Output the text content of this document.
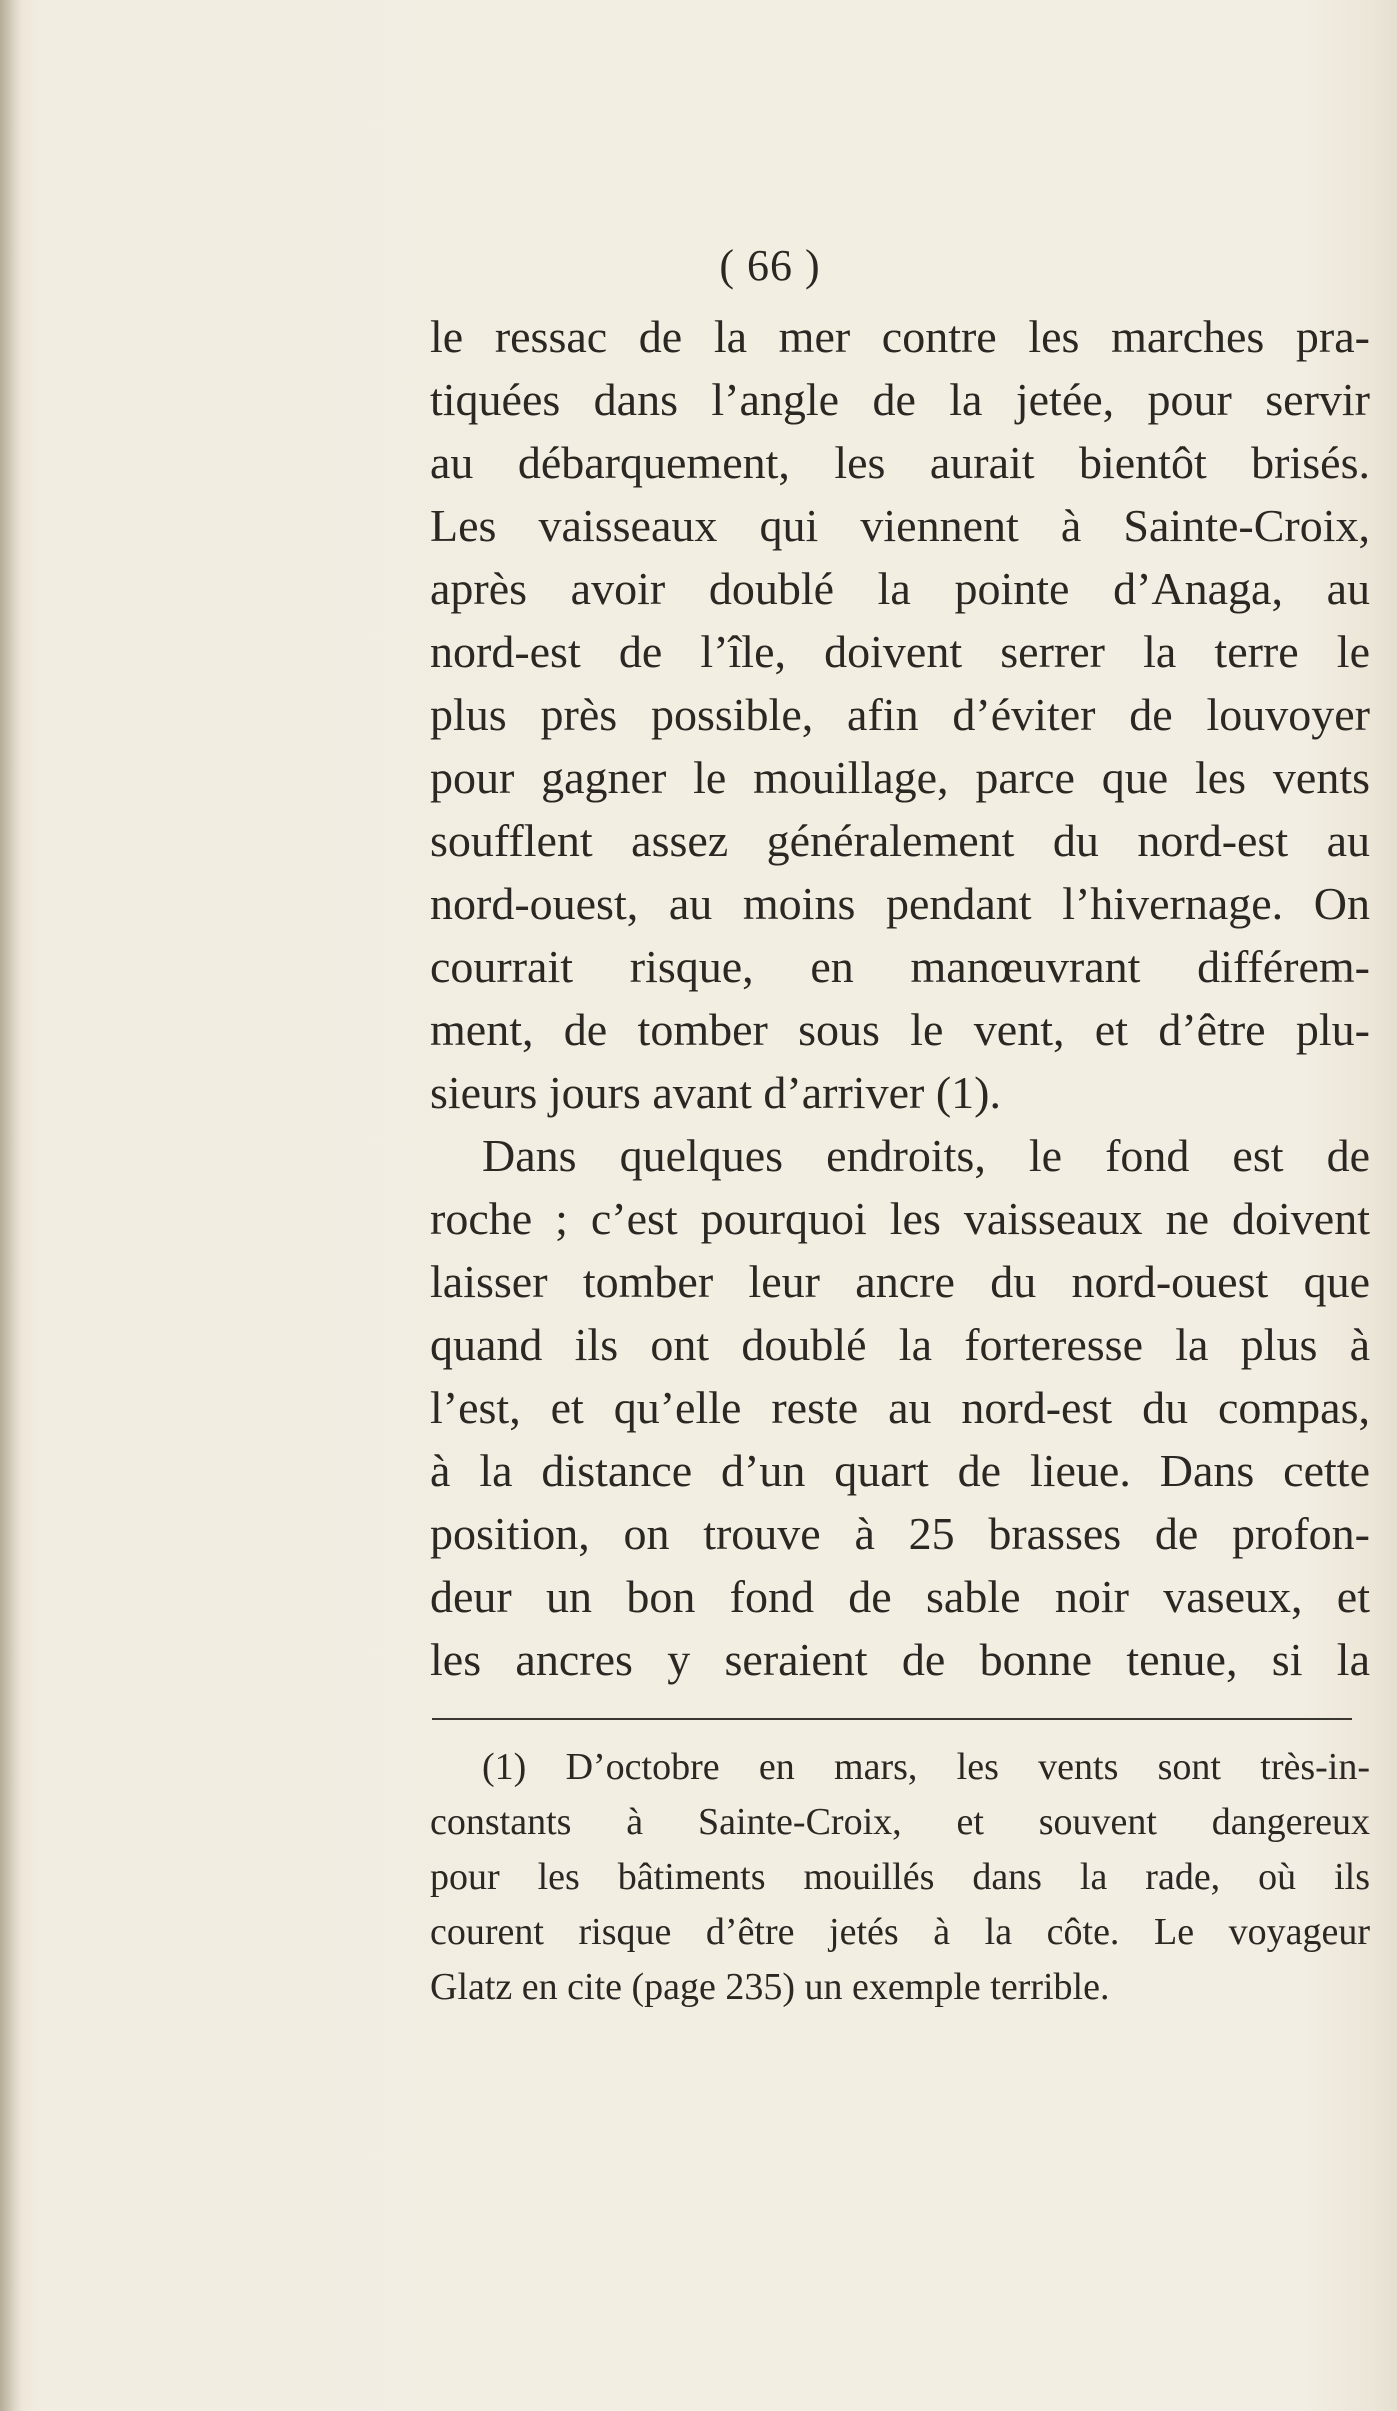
( 66 )
le ressac de la mer contre les marches pra-
tiquées dans l’angle de la jetée, pour servir
au débarquement, les aurait bientôt brisés.
Les vaisseaux qui viennent à Sainte-Croix,
après avoir doublé la pointe d’Anaga, au
nord-est de l’île, doivent serrer la terre le
plus près possible, afin d’éviter de louvoyer
pour gagner le mouillage, parce que les vents
soufflent assez généralement du nord-est au
nord-ouest, au moins pendant l’hivernage. On
courrait risque, en manœuvrant différem-
ment, de tomber sous le vent, et d’être plu-
sieurs jours avant d’arriver (1).
Dans quelques endroits, le fond est de
roche ; c’est pourquoi les vaisseaux ne doivent
laisser tomber leur ancre du nord-ouest que
quand ils ont doublé la forteresse la plus à
l’est, et qu’elle reste au nord-est du compas,
à la distance d’un quart de lieue. Dans cette
position, on trouve à 25 brasses de profon-
deur un bon fond de sable noir vaseux, et
les ancres y seraient de bonne tenue, si la
(1) D’octobre en mars, les vents sont très-in-
constants à Sainte-Croix, et souvent dangereux
pour les bâtiments mouillés dans la rade, où ils
courent risque d’être jetés à la côte. Le voyageur
Glatz en cite (page 235) un exemple terrible.
